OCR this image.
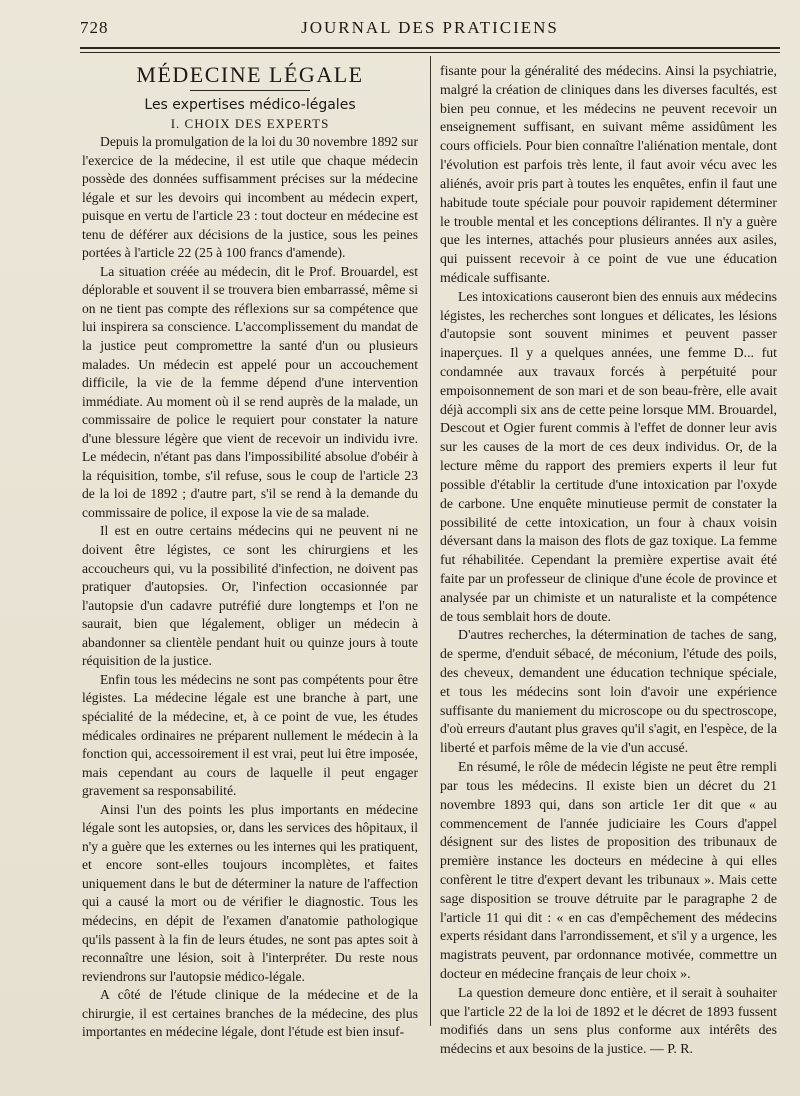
728	JOURNAL DES PRATICIENS
MÉDECINE LÉGALE
Les expertises médico-légales
I. CHOIX DES EXPERTS

Depuis la promulgation de la loi du 30 novembre 1892 sur l'exercice de la médecine, il est utile que chaque médecin possède des données suffisamment précises sur la médecine légale et sur les devoirs qui incombent au médecin expert, puisque en vertu de l'article 23 : tout docteur en médecine est tenu de déférer aux décisions de la justice, sous les peines portées à l'article 22 (25 à 100 francs d'amende).

La situation créée au médecin, dit le Prof. Brouardel, est déplorable et souvent il se trouvera bien embarrassé, même si on ne tient pas compte des réflexions sur sa compétence que lui inspirera sa conscience. L'accomplissement du mandat de la justice peut compromettre la santé d'un ou plusieurs malades. Un médecin est appelé pour un accouchement difficile, la vie de la femme dépend d'une intervention immédiate. Au moment où il se rend auprès de la malade, un commissaire de police le requiert pour constater la nature d'une blessure légère que vient de recevoir un individu ivre. Le médecin, n'étant pas dans l'impossibilité absolue d'obéir à la réquisition, tombe, s'il refuse, sous le coup de l'article 23 de la loi de 1892 ; d'autre part, s'il se rend à la demande du commissaire de police, il expose la vie de sa malade.

Il est en outre certains médecins qui ne peuvent ni ne doivent être légistes, ce sont les chirurgiens et les accoucheurs qui, vu la possibilité d'infection, ne doivent pas pratiquer d'autopsies. Or, l'infection occasionnée par l'autopsie d'un cadavre putréfié dure longtemps et l'on ne saurait, bien que légalement, obliger un médecin à abandonner sa clientèle pendant huit ou quinze jours à toute réquisition de la justice.

Enfin tous les médecins ne sont pas compétents pour être légistes. La médecine légale est une branche à part, une spécialité de la médecine, et, à ce point de vue, les études médicales ordinaires ne préparent nullement le médecin à la fonction qui, accessoirement il est vrai, peut lui être imposée, mais cependant au cours de laquelle il peut engager gravement sa responsabilité.

Ainsi l'un des points les plus importants en médecine légale sont les autopsies, or, dans les services des hôpitaux, il n'y a guère que les externes ou les internes qui les pratiquent, et encore sont-elles toujours incomplètes, et faites uniquement dans le but de déterminer la nature de l'affection qui a causé la mort ou de vérifier le diagnostic. Tous les médecins, en dépit de l'examen d'anatomie pathologique qu'ils passent à la fin de leurs études, ne sont pas aptes soit à reconnaître une lésion, soit à l'interpréter. Du reste nous reviendrons sur l'autopsie médico-légale.

A côté de l'étude clinique de la médecine et de la chirurgie, il est certaines branches de la médecine, des plus importantes en médecine légale, dont l'étude est bien insuf-

fisante pour la généralité des médecins. Ainsi la psychiatrie, malgré la création de cliniques dans les diverses facultés, est bien peu connue, et les médecins ne peuvent recevoir un enseignement suffisant, en suivant même assidûment les cours officiels. Pour bien connaître l'aliénation mentale, dont l'évolution est parfois très lente, il faut avoir vécu avec les aliénés, avoir pris part à toutes les enquêtes, enfin il faut une habitude toute spéciale pour pouvoir rapidement déterminer le trouble mental et les conceptions délirantes. Il n'y a guère que les internes, attachés pour plusieurs années aux asiles, qui puissent recevoir à ce point de vue une éducation médicale suffisante.

Les intoxications causeront bien des ennuis aux médecins légistes, les recherches sont longues et délicates, les lésions d'autopsie sont souvent minimes et peuvent passer inaperçues. Il y a quelques années, une femme D... fut condamnée aux travaux forcés à perpétuité pour empoisonnement de son mari et de son beau-frère, elle avait déjà accompli six ans de cette peine lorsque MM. Brouardel, Descout et Ogier furent commis à l'effet de donner leur avis sur les causes de la mort de ces deux individus. Or, de la lecture même du rapport des premiers experts il leur fut possible d'établir la certitude d'une intoxication par l'oxyde de carbone. Une enquête minutieuse permit de constater la possibilité de cette intoxication, un four à chaux voisin déversant dans la maison des flots de gaz toxique. La femme fut réhabilitée. Cependant la première expertise avait été faite par un professeur de clinique d'une école de province et analysée par un chimiste et un naturaliste et la compétence de tous semblait hors de doute.

D'autres recherches, la détermination de taches de sang, de sperme, d'enduit sébacé, de méconium, l'étude des poils, des cheveux, demandent une éducation technique spéciale, et tous les médecins sont loin d'avoir une expérience suffisante du maniement du microscope ou du spectroscope, d'où erreurs d'autant plus graves qu'il s'agit, en l'espèce, de la liberté et parfois même de la vie d'un accusé.

En résumé, le rôle de médecin légiste ne peut être rempli par tous les médecins. Il existe bien un décret du 21 novembre 1893 qui, dans son article 1er dit que « au commencement de l'année judiciaire les Cours d'appel désignent sur des listes de proposition des tribunaux de première instance les docteurs en médecine à qui elles confèrent le titre d'expert devant les tribunaux ». Mais cette sage disposition se trouve détruite par le paragraphe 2 de l'article 11 qui dit : « en cas d'empêchement des médecins experts résidant dans l'arrondissement, et s'il y a urgence, les magistrats peuvent, par ordonnance motivée, commettre un docteur en médecine français de leur choix ».

La question demeure donc entière, et il serait à souhaiter que l'article 22 de la loi de 1892 et le décret de 1893 fussent modifiés dans un sens plus conforme aux intérêts des médecins et aux besoins de la justice. — P. R.
